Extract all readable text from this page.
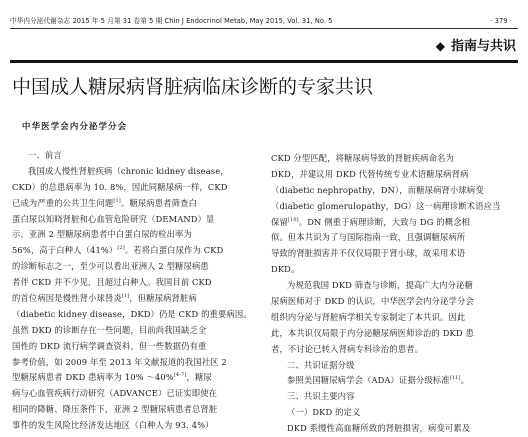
中华内分泌代谢杂志 2015 年 5 月第 31 卷第 5 期 Chin J Endocrinol Metab, May 2015, Vol. 31, No. 5	· 379 ·
◆ 指南与共识
中国成人糖尿病肾脏病临床诊断的专家共识
中华医学会内分泌学分会
一、前言
我国成人慢性肾脏疾病（chronic kidney disease，
CKD）的总患病率为 10. 8%，因此同糖尿病一样，CKD
已成为严重的公共卫生问题[1]。糖尿病患者筛查白
蛋白尿以知晓肾脏和心血管危险研究（DEMAND）显
示，亚洲 2 型糖尿病患者中白蛋白尿的检出率为
56%，高于白种人（41%）[2]。若将白蛋白尿作为 CKD
的诊断标志之一，至少可以看出亚洲人 2 型糖尿病患
者伴 CKD 并不少见，且超过白种人。我国目前 CKD
的首位病因是慢性肾小球肾炎[1]，但糖尿病肾脏病
（diabetic kidney disease，DKD）仍是 CKD 的重要病因。
虽然 DKD 的诊断存在一些问题，目前尚我国缺乏全
国性的 DKD 流行病学调查资料，但一些数据仍有重
参考价值，如 2009 年至 2013 年文献报道的我国社区 2
型糖尿病患者 DKD 患病率为 10% ～40%[4-7]，糖尿
病与心血管疾病行动研究（ADVANCE）已证实即使在
相同的降糖、降压条件下，亚洲 2 型糖尿病患者总肾脏
事件的发生风险比经济发达地区（白种人为 93. 4%）
CKD 分型匹配，将糖尿病导致的肾脏疾病命名为
DKD，并建议用 DKD 代替传统专业术语糖尿病肾病
（diabetic nephropathy，DN），而糖尿病肾小球病变
（diabetic glomerulopathy，DG）这一病理诊断术语应当
保留[10]。DN 侧重于病理诊断，大致与 DG 的概念相
似。但本共识为了与国际指南一致，且强调糖尿病所
导致的肾脏损害并不仅仅局限于肾小球，故采用术语
DKD。
为规范我国 DKD 筛查与诊断，提高广大内分泌糖
尿病医师对于 DKD 的认识，中华医学会内分泌学分会
组织内分泌与肾脏病学相关专家制定了本共识。因此
此，本共识仅局限于内分泌糖尿病医师诊治的 DKD 患
者，不讨论已转入肾病专科诊治的患者。
二、共识证据分级
参照美国糖尿病学会（ADA）证据分级标准[11]。
三、共识主要内容
（一）DKD 的定义
DKD 系慢性高血糖所致的肾脏损害，病变可累及
